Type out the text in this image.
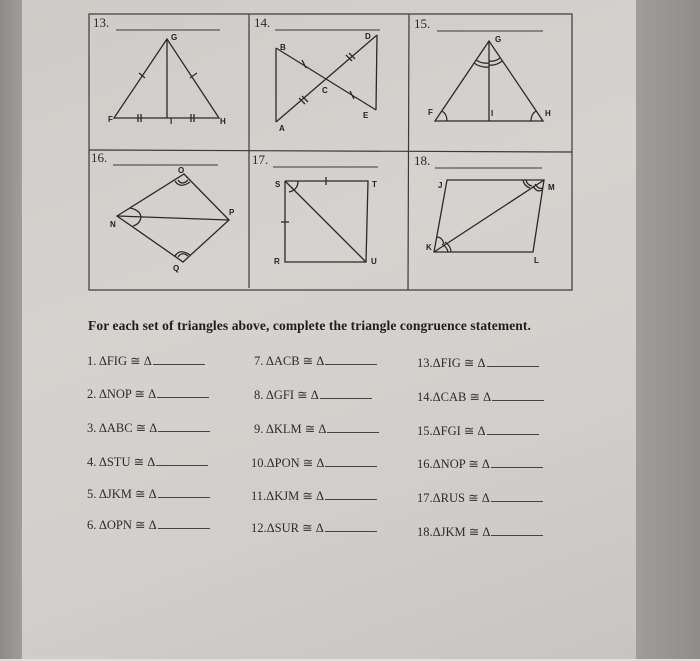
G
F	I	H
B
D
C
A
E
G
F	I	H
O
N
P
Q
S	T
R	U
J	M
K
L
13.	14.	15.
16.	17.	18.
For each set of triangles above, complete the triangle congruence statement.
1. ΔFIG ≅ Δ
2. ΔNOP ≅ Δ
3. ΔABC ≅ Δ
4. ΔSTU ≅ Δ
5. ΔJKM ≅ Δ
6. ΔOPN ≅ Δ
7. ΔACB ≅ Δ
8. ΔGFI ≅ Δ
9. ΔKLM ≅ Δ
10.ΔPON ≅ Δ
11.ΔKJM ≅ Δ
12.ΔSUR ≅ Δ
13.ΔFIG ≅ Δ
14.ΔCAB ≅ Δ
15.ΔFGI ≅ Δ
16.ΔNOP ≅ Δ
17.ΔRUS ≅ Δ
18.ΔJKM ≅ Δ
